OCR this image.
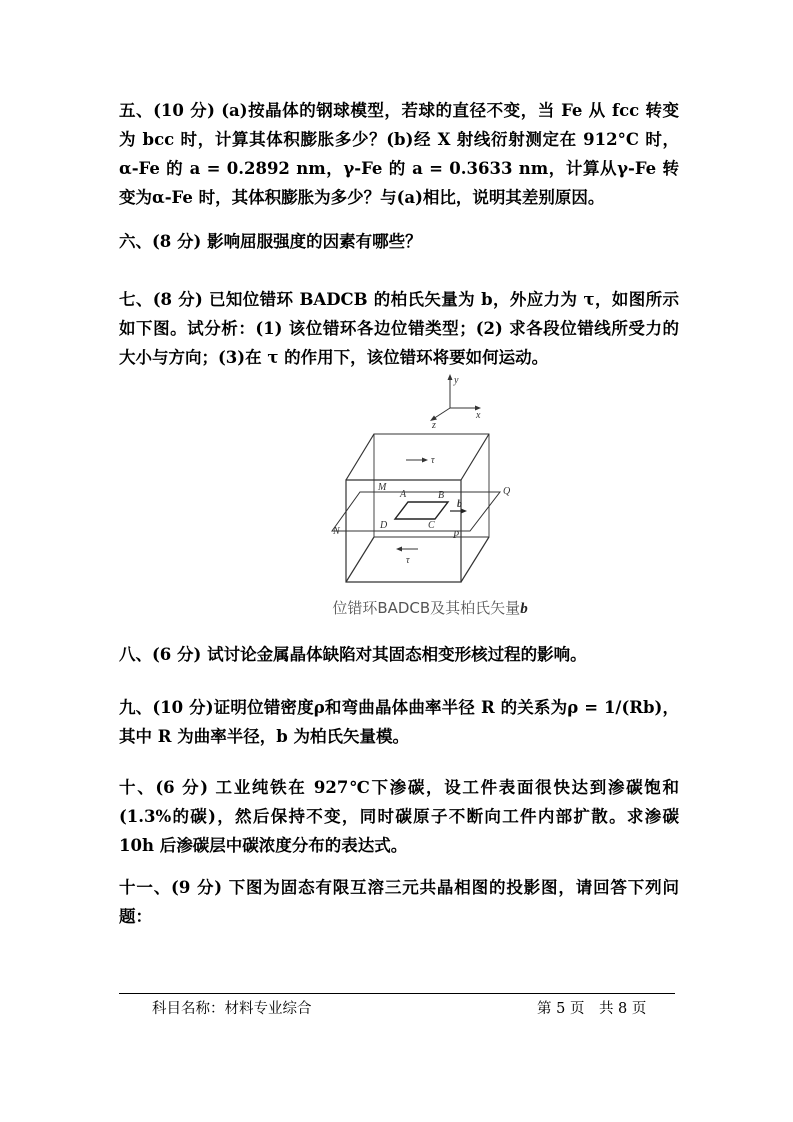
五、(10 分) (a)按晶体的钢球模型，若球的直径不变，当 Fe 从 fcc 转变为 bcc 时，计算其体积膨胀多少？(b)经 X 射线衍射测定在 912°C 时，α-Fe 的 a = 0.2892 nm，γ-Fe 的 a = 0.3633 nm，计算从γ-Fe 转变为α-Fe 时，其体积膨胀为多少？与(a)相比，说明其差别原因。

六、(8 分) 影响屈服强度的因素有哪些？

七、(8 分) 已知位错环 BADCB 的柏氏矢量为 b，外应力为 τ，如图所示如下图。试分析：(1) 该位错环各边位错类型；(2) 求各段位错线所受力的大小与方向；(3)在 τ 的作用下，该位错环将要如何运动。

y
x
z
τ
τ
M
A	B
b
Q
N
D	C
P
位错环BADCB及其柏氏矢量b

八、(6 分) 试讨论金属晶体缺陷对其固态相变形核过程的影响。

九、(10 分)证明位错密度ρ和弯曲晶体曲率半径 R 的关系为ρ = 1/(Rb)，其中 R 为曲率半径，b 为柏氏矢量模。

十、(6 分) 工业纯铁在 927℃下渗碳，设工件表面很快达到渗碳饱和 (1.3%的碳)，然后保持不变，同时碳原子不断向工件内部扩散。求渗碳 10h 后渗碳层中碳浓度分布的表达式。

十一、(9 分) 下图为固态有限互溶三元共晶相图的投影图，请回答下列问题：

科目名称：材料专业综合	第 5 页　共 8 页
